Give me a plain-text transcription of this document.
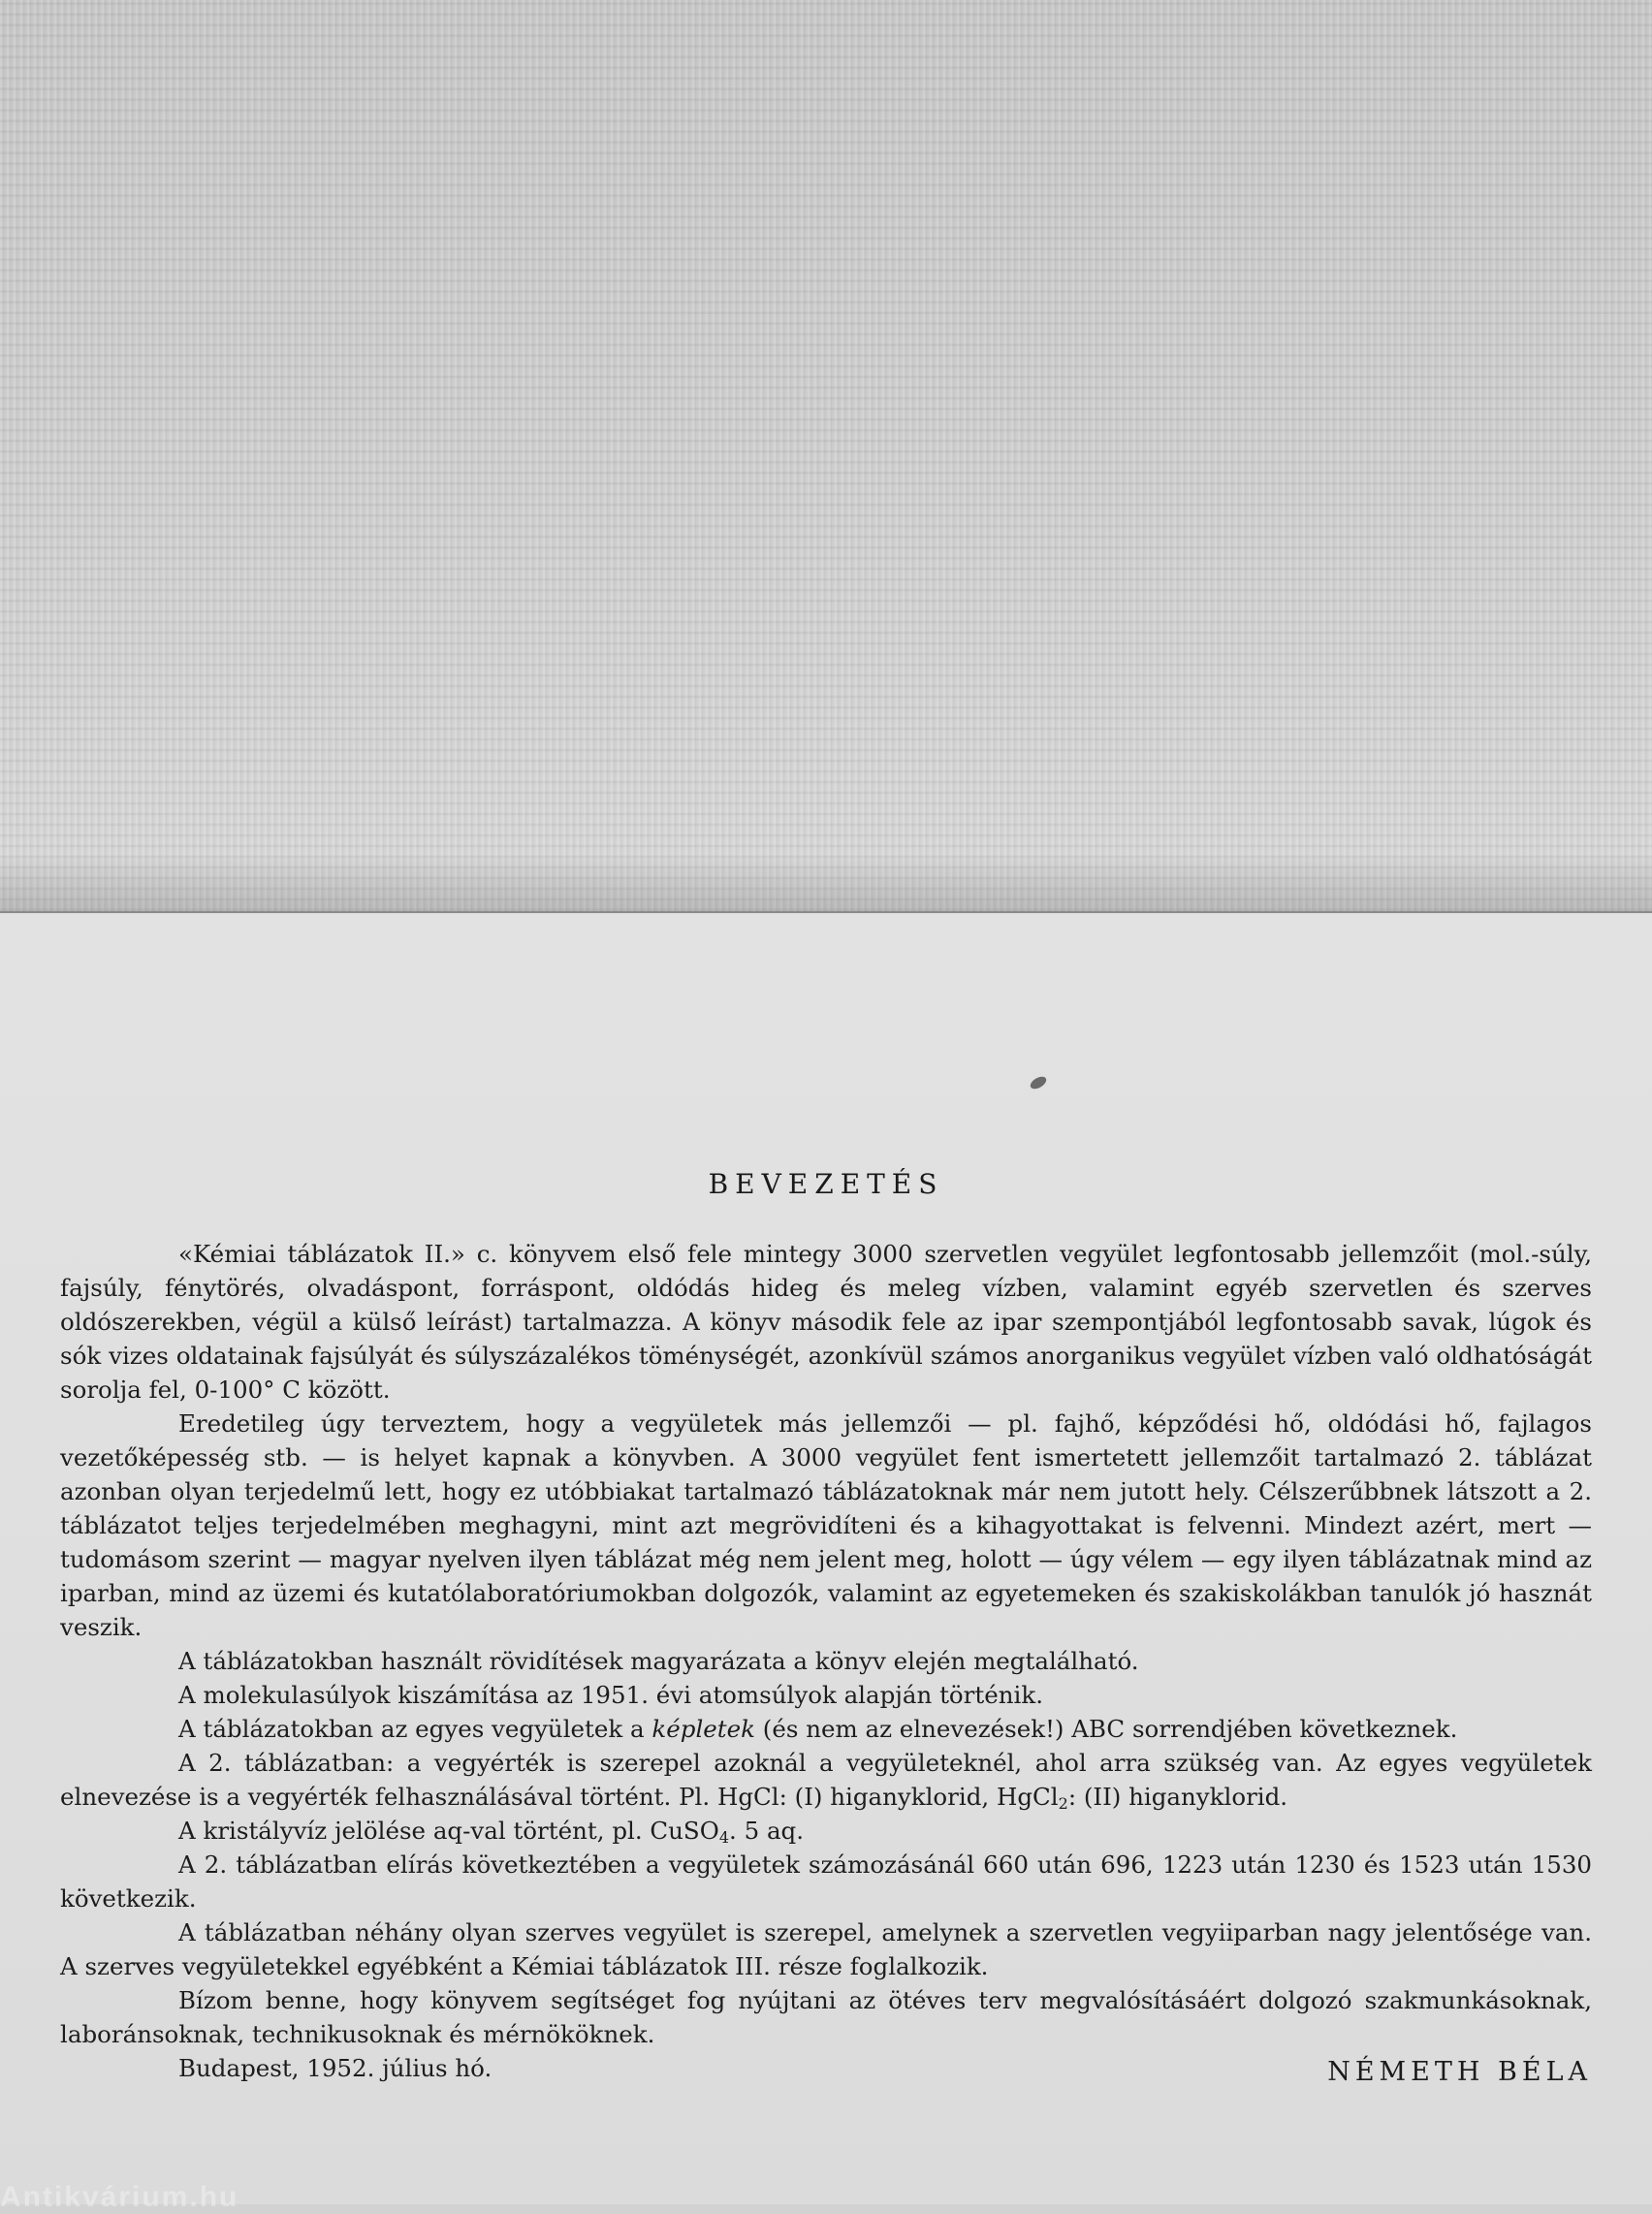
BEVEZETÉS

«Kémiai táblázatok II.» c. könyvem első fele mintegy 3000 szervetlen vegyület legfontosabb jellemzőit (mol.-súly, fajsúly, fénytörés, olvadáspont, forráspont, oldódás hideg és meleg vízben, valamint egyéb szervetlen és szerves oldószerekben, végül a külső leírást) tartalmazza. A könyv második fele az ipar szempontjából legfontosabb savak, lúgok és sók vizes oldatainak fajsúlyát és súlyszázalékos töménységét, azonkívül számos anorganikus vegyület vízben való oldhatóságát sorolja fel, 0-100° C között.

Eredetileg úgy terveztem, hogy a vegyületek más jellemzői — pl. fajhő, képződési hő, oldódási hő, fajlagos vezetőképesség stb. — is helyet kapnak a könyvben. A 3000 vegyület fent ismertetett jellemzőit tartalmazó 2. táblázat azonban olyan terjedelmű lett, hogy ez utóbbiakat tartalmazó táblázatoknak már nem jutott hely. Célszerűbbnek látszott a 2. táblázatot teljes terjedelmében meghagyni, mint azt megrövidíteni és a kihagyottakat is felvenni. Mindezt azért, mert — tudomásom szerint — magyar nyelven ilyen táblázat még nem jelent meg, holott — úgy vélem — egy ilyen táblázatnak mind az iparban, mind az üzemi és kutatólaboratóriumokban dolgozók, valamint az egyetemeken és szakiskolákban tanulók jó hasznát veszik.

A táblázatokban használt rövidítések magyarázata a könyv elején megtalálható.

A molekulasúlyok kiszámítása az 1951. évi atomsúlyok alapján történik.

A táblázatokban az egyes vegyületek a képletek (és nem az elnevezések!) ABC sorrendjében következnek.

A 2. táblázatban: a vegyérték is szerepel azoknál a vegyületeknél, ahol arra szükség van. Az egyes vegyületek elnevezése is a vegyérték felhasználásával történt. Pl. HgCl: (I) higanyklorid, HgCl$_2$: (II) higanyklorid.

A kristályvíz jelölése aq-val történt, pl. CuSO$_4$. 5 aq.

A 2. táblázatban elírás következtében a vegyületek számozásánál 660 után 696, 1223 után 1230 és 1523 után 1530 következik.

A táblázatban néhány olyan szerves vegyület is szerepel, amelynek a szervetlen vegyiiparban nagy jelentősége van. A szerves vegyületekkel egyébként a Kémiai táblázatok III. része foglalkozik.

Bízom benne, hogy könyvem segítséget fog nyújtani az ötéves terv megvalósításáért dolgozó szakmunkásoknak, laboránsoknak, technikusoknak és mérnököknek.

Budapest, 1952. július hó.	NÉMETH BÉLA
Antikvárium.hu
